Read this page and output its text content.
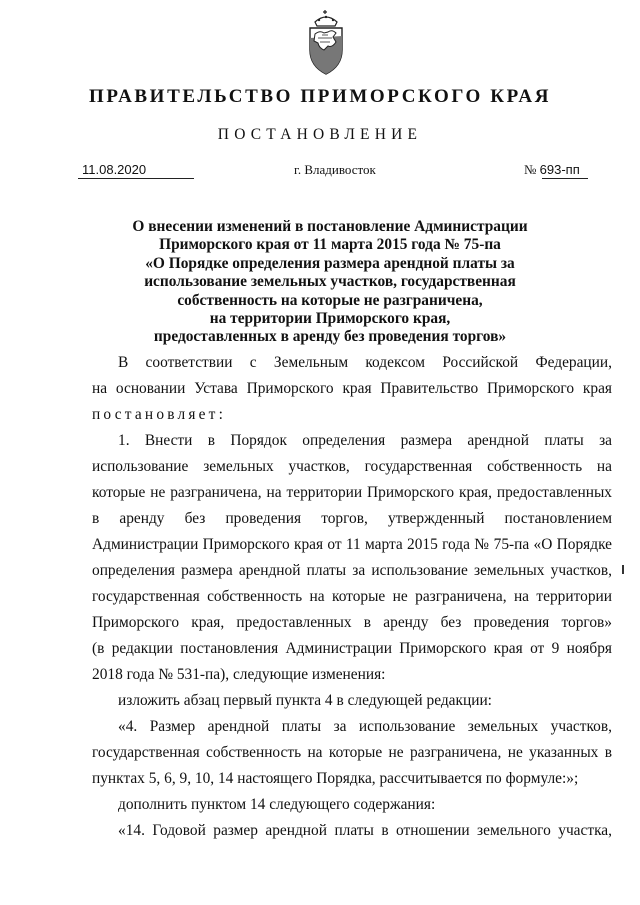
ПРАВИТЕЛЬСТВО ПРИМОРСКОГО КРАЯ
ПОСТАНОВЛЕНИЕ
11.08.2020	г. Владивосток	№ 693-пп
О внесении изменений в постановление Администрации
Приморского края от 11 марта 2015 года № 75-па
«О Порядке определения размера арендной платы за
использование земельных участков, государственная
собственность на которые не разграничена,
на территории Приморского края,
предоставленных в аренду без проведения торгов»
В соответствии с Земельным кодексом Российской Федерации,
на основании Устава Приморского края Правительство Приморского края
постановляет:
1. Внести в Порядок определения размера арендной платы за
использование земельных участков, государственная собственность на
которые не разграничена, на территории Приморского края, предоставленных
в аренду без проведения торгов, утвержденный постановлением
Администрации Приморского края от 11 марта 2015 года № 75-па «О Порядке
определения размера арендной платы за использование земельных участков,
государственная собственность на которые не разграничена, на территории
Приморского края, предоставленных в аренду без проведения торгов»
(в редакции постановления Администрации Приморского края от 9 ноября
2018 года № 531-па), следующие изменения:
изложить абзац первый пункта 4 в следующей редакции:
«4. Размер арендной платы за использование земельных участков,
государственная собственность на которые не разграничена, не указанных в
пунктах 5, 6, 9, 10, 14 настоящего Порядка, рассчитывается по формуле:»;
дополнить пунктом 14 следующего содержания:
«14. Годовой размер арендной платы в отношении земельного участка,
